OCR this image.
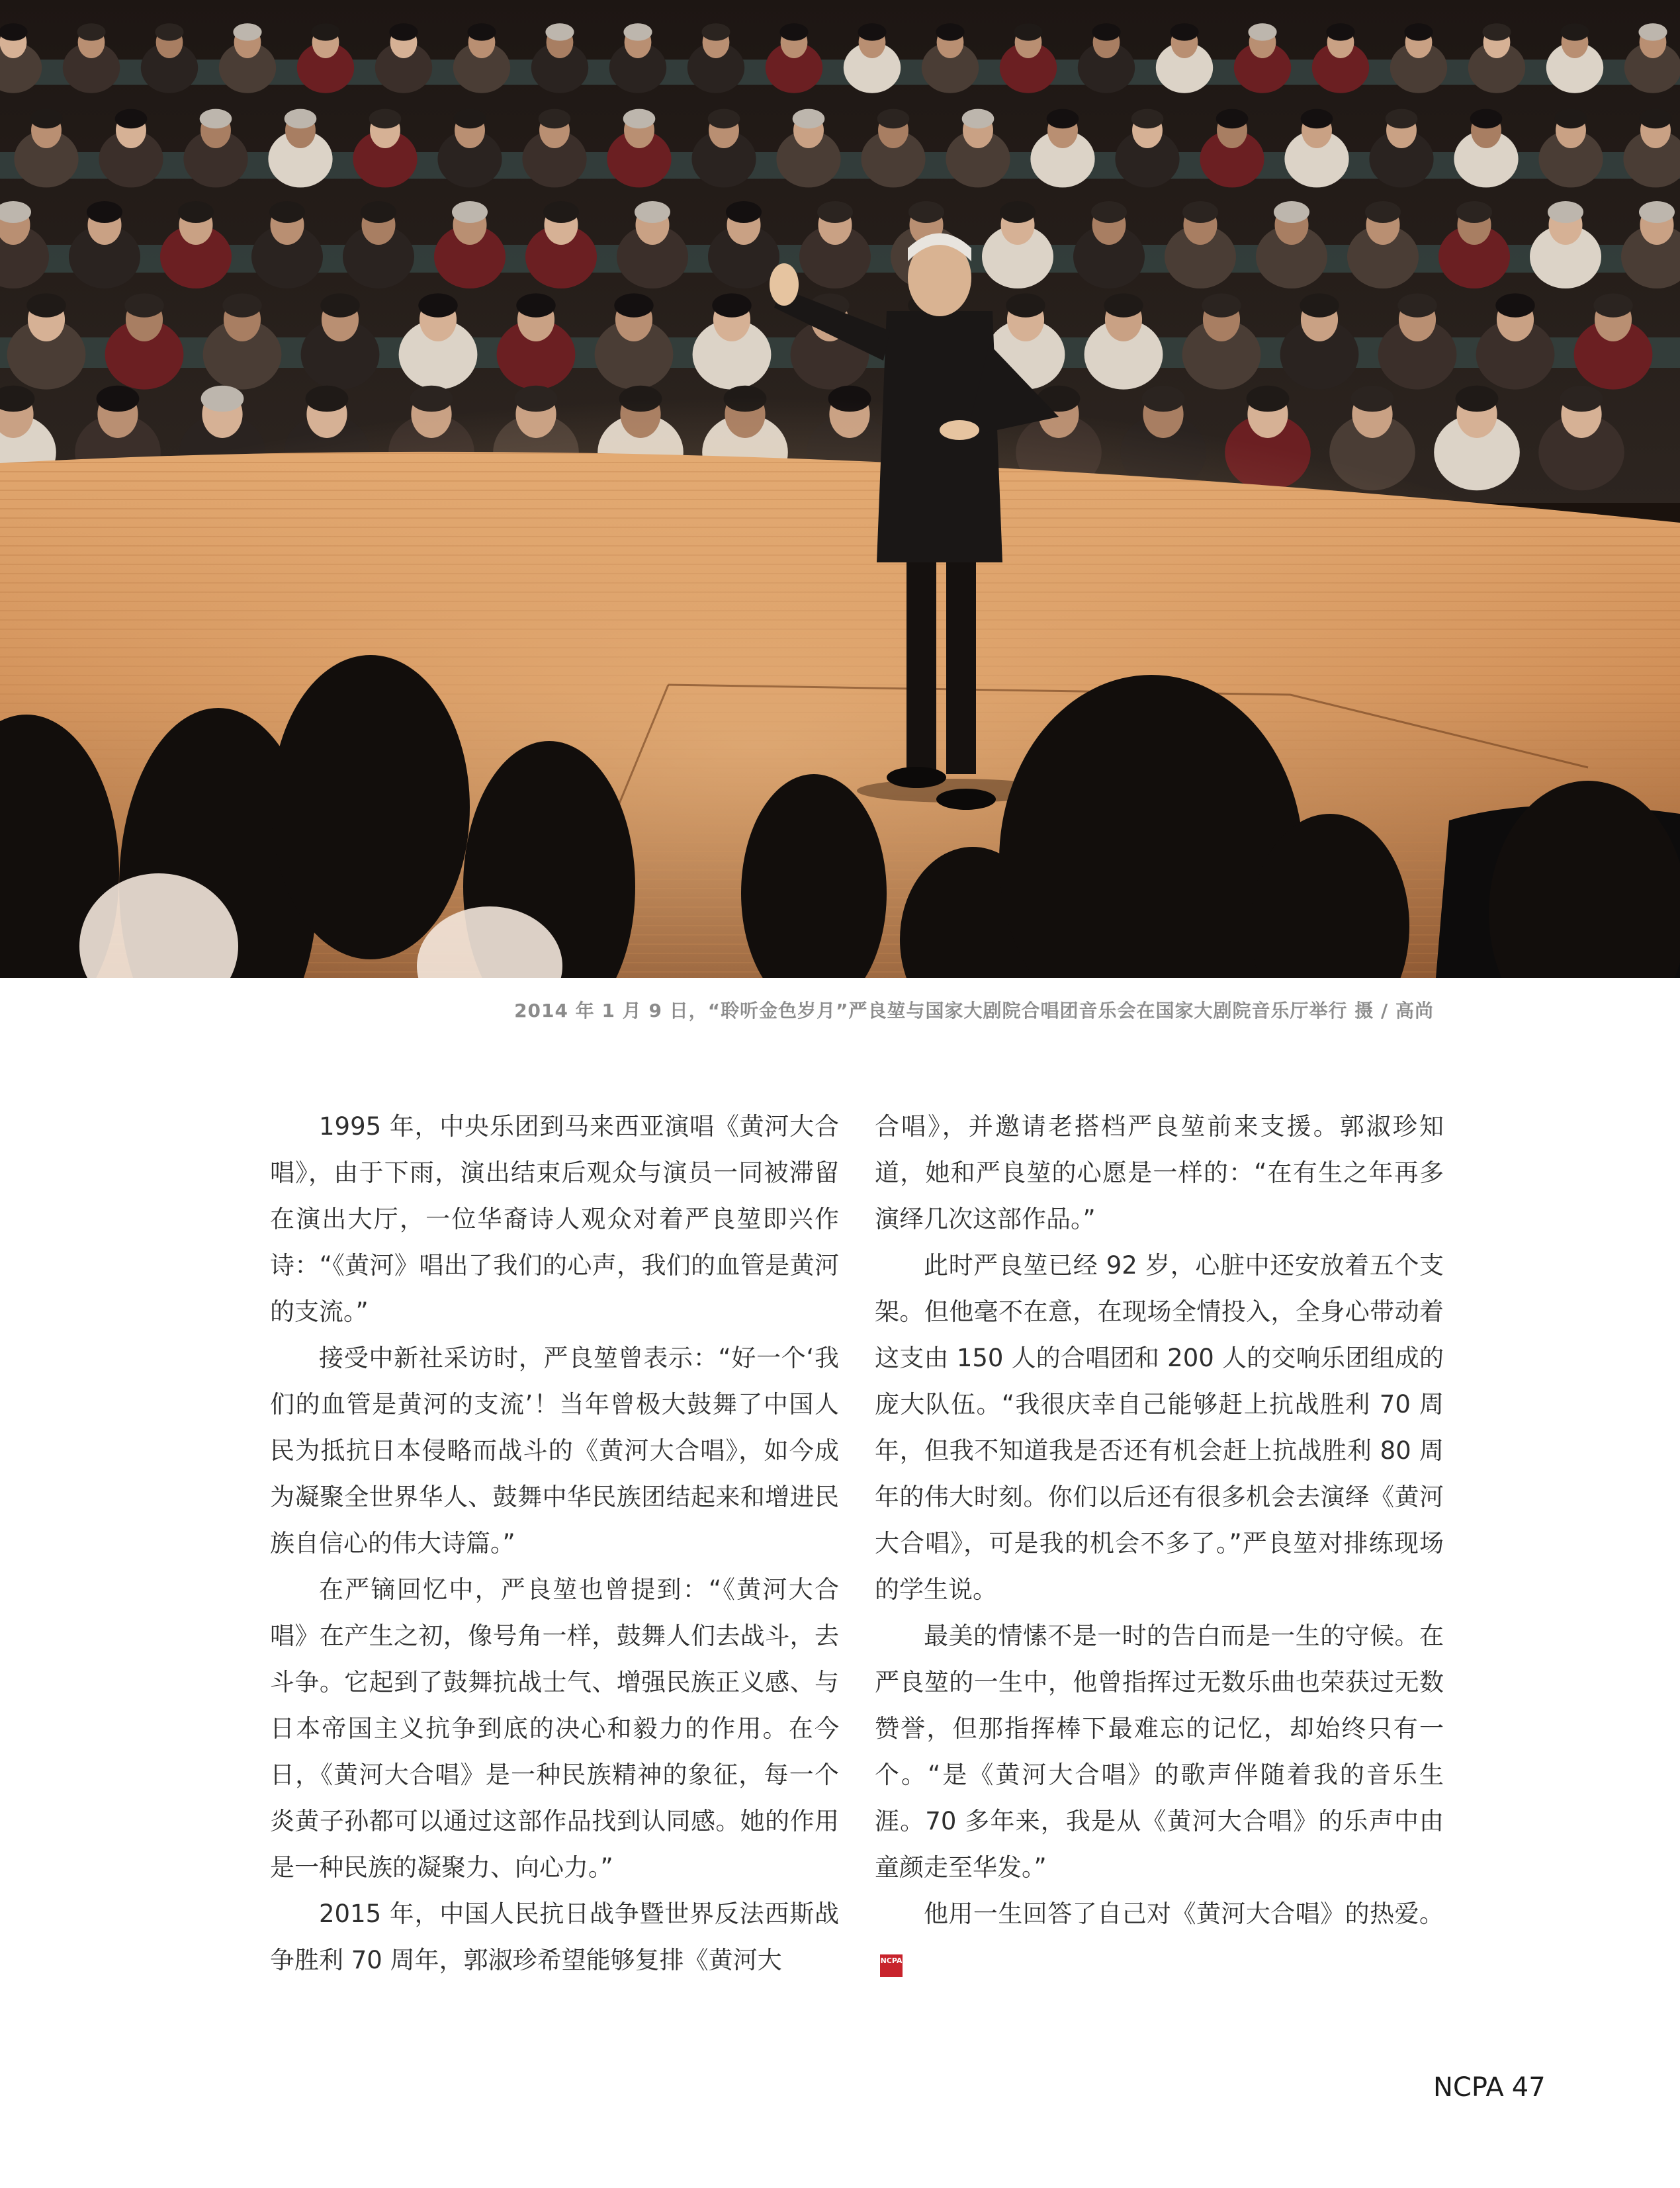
2014 年 1 月 9 日，“聆听金色岁月”严良堃与国家大剧院合唱团音乐会在国家大剧院音乐厅举行 摄 / 高尚

1995 年，中央乐团到马来西亚演唱《黄河大合唱》，由于下雨，演出结束后观众与演员一同被滞留在演出大厅，一位华裔诗人观众对着严良堃即兴作诗：“《黄河》唱出了我们的心声，我们的血管是黄河的支流。”

接受中新社采访时，严良堃曾表示：“好一个‘我们的血管是黄河的支流’！当年曾极大鼓舞了中国人民为抵抗日本侵略而战斗的《黄河大合唱》，如今成为凝聚全世界华人、鼓舞中华民族团结起来和增进民族自信心的伟大诗篇。”

在严镝回忆中，严良堃也曾提到：“《黄河大合唱》在产生之初，像号角一样，鼓舞人们去战斗，去斗争。它起到了鼓舞抗战士气、增强民族正义感、与日本帝国主义抗争到底的决心和毅力的作用。在今日，《黄河大合唱》是一种民族精神的象征，每一个炎黄子孙都可以通过这部作品找到认同感。她的作用是一种民族的凝聚力、向心力。”

2015 年，中国人民抗日战争暨世界反法西斯战争胜利 70 周年，郭淑珍希望能够复排《黄河大

合唱》，并邀请老搭档严良堃前来支援。郭淑珍知道，她和严良堃的心愿是一样的：“在有生之年再多演绎几次这部作品。”

此时严良堃已经 92 岁，心脏中还安放着五个支架。但他毫不在意，在现场全情投入，全身心带动着这支由 150 人的合唱团和 200 人的交响乐团组成的庞大队伍。“我很庆幸自己能够赶上抗战胜利 70 周年，但我不知道我是否还有机会赶上抗战胜利 80 周年的伟大时刻。你们以后还有很多机会去演绎《黄河大合唱》，可是我的机会不多了。”严良堃对排练现场的学生说。

最美的情愫不是一时的告白而是一生的守候。在严良堃的一生中，他曾指挥过无数乐曲也荣获过无数赞誉，但那指挥棒下最难忘的记忆，却始终只有一个。“是《黄河大合唱》的歌声伴随着我的音乐生涯。70 多年来，我是从《黄河大合唱》的乐声中由童颜走至华发。”

他用一生回答了自己对《黄河大合唱》的热爱。NCPA

NCPA 47
